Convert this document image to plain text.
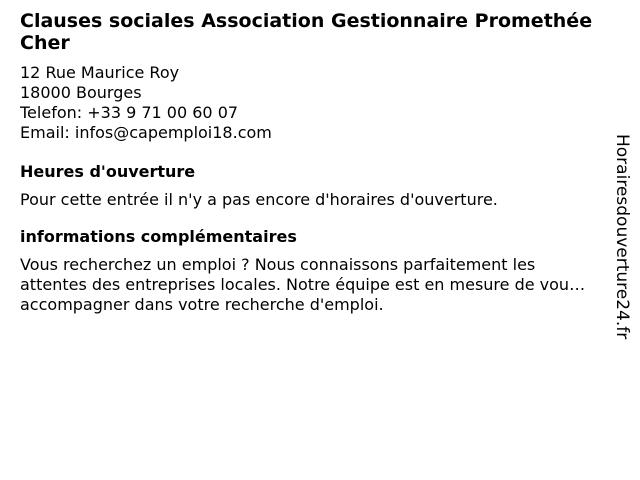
Clauses sociales Association Gestionnaire Promethée Cher
12 Rue Maurice Roy
18000 Bourges
Telefon: +33 9 71 00 60 07
Email: infos@capemploi18.com
Heures d'ouverture
Pour cette entrée il n'y a pas encore d'horaires d'ouverture.
informations complémentaires
Vous recherchez un emploi ? Nous connaissons parfaitement les attentes des entreprises locales. Notre équipe est en mesure de vous accompagner dans votre recherche d'emploi.	Horairesdouverture24.fr
